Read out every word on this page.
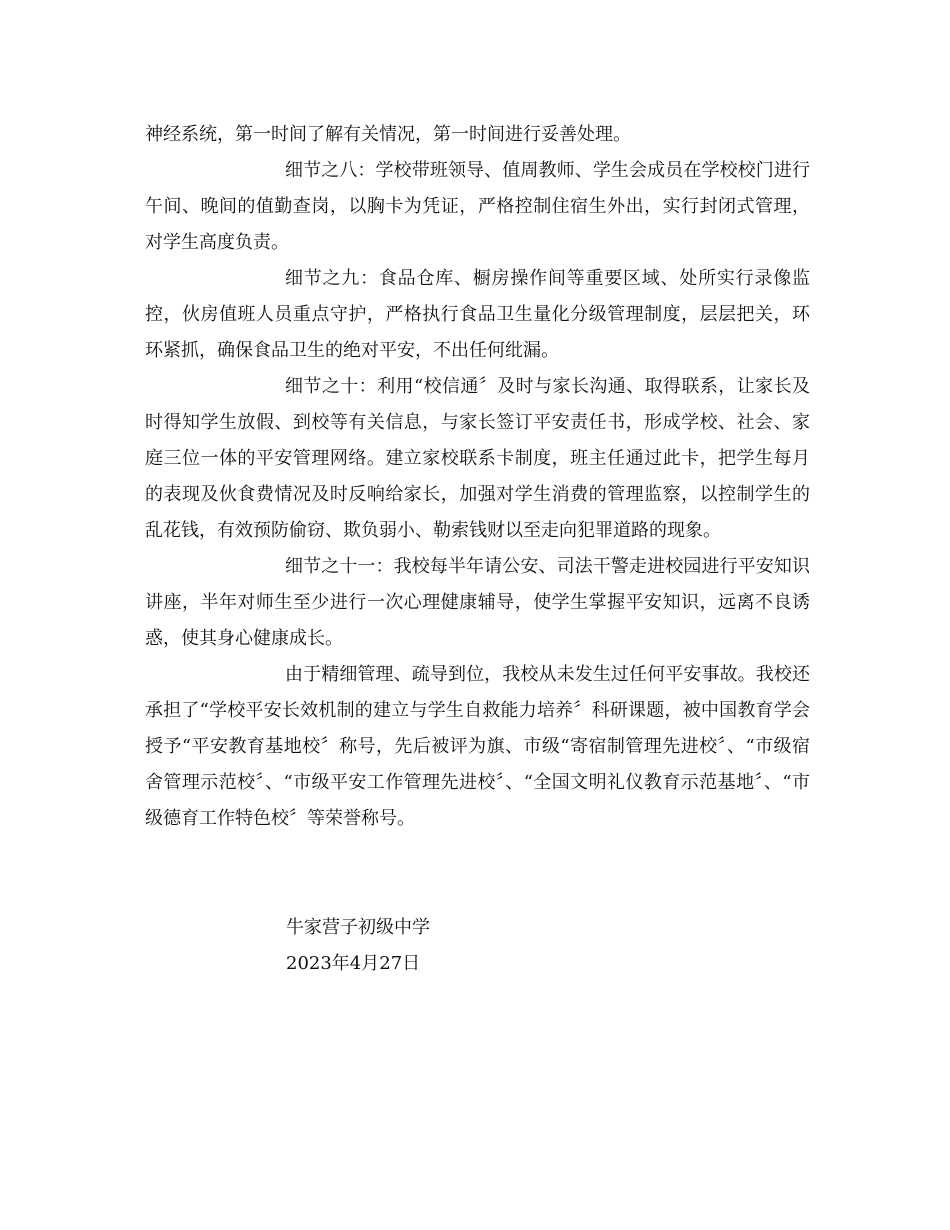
神经系统，第一时间了解有关情况，第一时间进行妥善处理。

细节之八：学校带班领导、值周教师、学生会成员在学校校门进行午间、晚间的值勤查岗，以胸卡为凭证，严格控制住宿生外出，实行封闭式管理，对学生高度负责。

细节之九：食品仓库、橱房操作间等重要区域、处所实行录像监控，伙房值班人员重点守护，严格执行食品卫生量化分级管理制度，层层把关，环环紧抓，确保食品卫生的绝对平安，不出任何纰漏。

细节之十：利用“校信通〞及时与家长沟通、取得联系，让家长及时得知学生放假、到校等有关信息，与家长签订平安责任书，形成学校、社会、家庭三位一体的平安管理网络。建立家校联系卡制度，班主任通过此卡，把学生每月的表现及伙食费情况及时反响给家长，加强对学生消费的管理监察，以控制学生的乱花钱，有效预防偷窃、欺负弱小、勒索钱财以至走向犯罪道路的现象。

细节之十一：我校每半年请公安、司法干警走进校园进行平安知识讲座，半年对师生至少进行一次心理健康辅导，使学生掌握平安知识，远离不良诱惑，使其身心健康成长。

由于精细管理、疏导到位，我校从未发生过任何平安事故。我校还承担了“学校平安长效机制的建立与学生自救能力培养〞科研课题，被中国教育学会授予“平安教育基地校〞称号，先后被评为旗、市级“寄宿制管理先进校〞、“市级宿舍管理示范校〞、“市级平安工作管理先进校〞、“全国文明礼仪教育示范基地〞、“市级德育工作特色校〞等荣誉称号。

牛家营子初级中学
2023年4月27日
